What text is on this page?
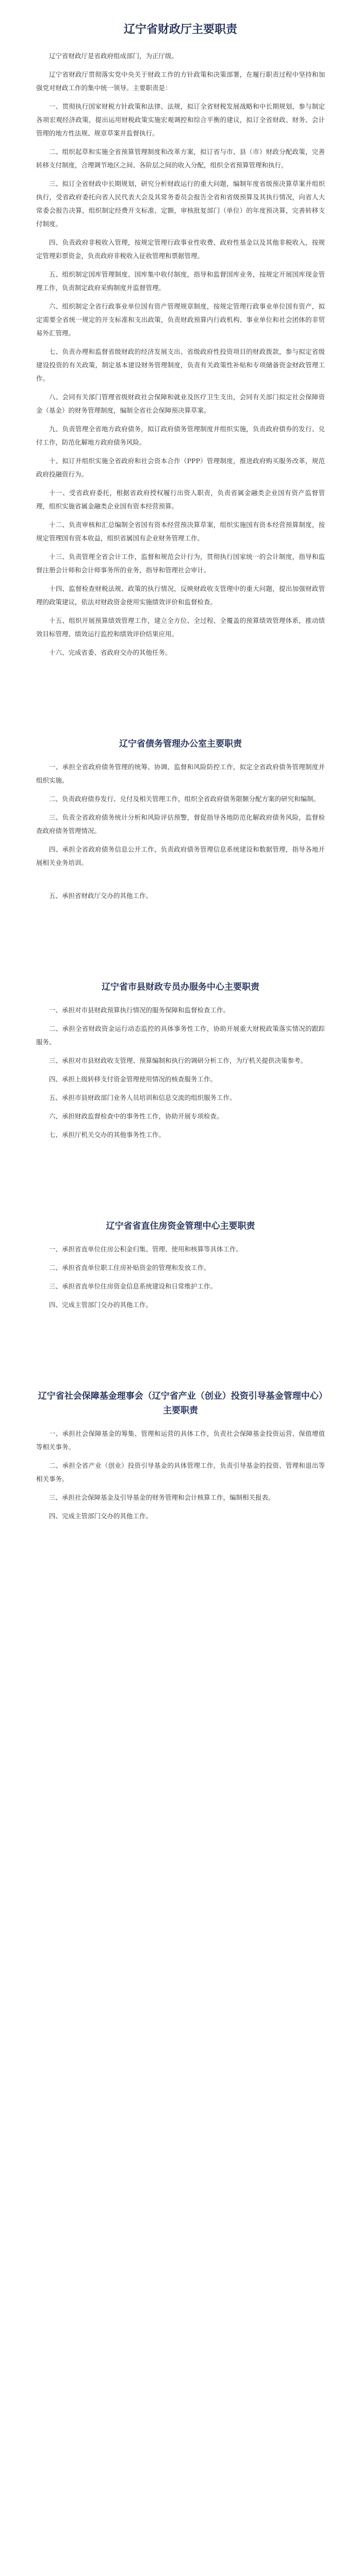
辽宁省财政厅主要职责

辽宁省财政厅是省政府组成部门，为正厅级。

辽宁省财政厅贯彻落实党中央关于财政工作的方针政策和决策部署，在履行职责过程中坚持和加强党对财政工作的集中统一领导。主要职责是：

一、贯彻执行国家财税方针政策和法律、法规，拟订全省财税发展战略和中长期规划，参与制定各项宏观经济政策，提出运用财税政策实施宏观调控和综合平衡的建议，拟订全省财政、财务、会计管理的地方性法规、规章草案并监督执行。

二、组织起草和实施全省预算管理制度和改革方案，拟订省与市、县（市）财政分配政策，完善转移支付制度，合理调节地区之间、各阶层之间的收入分配，组织全省预算管理和执行。

三、拟订全省财政中长期规划，研究分析财政运行的重大问题，编制年度省级预决算草案并组织执行，受省政府委托向省人民代表大会及其常务委员会报告全省和省级预算及其执行情况，向省人大常委会报告决算，组织制定经费开支标准、定额，审核批复部门（单位）的年度预决算，完善转移支付制度。

四、负责政府非税收入管理，按规定管理行政事业性收费、政府性基金以及其他非税收入，按规定管理彩票资金，负责政府非税收入征收管理和票据管理。

五、组织制定国库管理制度、国库集中收付制度，指导和监督国库业务，按规定开展国库现金管理工作，负责制定政府采购制度并监督管理。

六、组织制定全省行政事业单位国有资产管理规章制度，按规定管理行政事业单位国有资产，拟定需要全省统一规定的开支标准和支出政策，负责财政预算内行政机构、事业单位和社会团体的非贸易外汇管理。

七、负责办理和监督省级财政的经济发展支出、省级政府性投资项目的财政拨款，参与拟定省级建设投资的有关政策，制定基本建设财务管理制度，负责有关政策性补贴和专项储备资金财政管理工作。

八、会同有关部门管理省级财政社会保障和就业及医疗卫生支出，会同有关部门拟定社会保障资金（基金）的财务管理制度，编制全省社会保障预决算草案。

九、负责管理全省地方政府债务，拟订政府债务管理制度并组织实施，负责政府债券的发行、兑付工作，防范化解地方政府债务风险。

十、拟订并组织实施全省政府和社会资本合作（PPP）管理制度，推进政府购买服务改革，规范政府投融资行为。

十一、受省政府委托，根据省政府授权履行出资人职责，负责省属金融类企业国有资产监督管理，组织实施省属金融类企业国有资本经营预算。

十二、负责审核和汇总编制全省国有资本经营预决算草案，组织实施国有资本经营预算制度，按规定管理国有资本收益，组织省属国有企业财务管理工作。

十三、负责管理全省会计工作，监督和规范会计行为，贯彻执行国家统一的会计制度，指导和监督注册会计师和会计师事务所的业务，指导和管理社会审计。

十四、监督检查财税法规、政策的执行情况，反映财政收支管理中的重大问题，提出加强财政管理的政策建议，依法对财政资金使用实施绩效评价和监督检查。

十五、组织开展预算绩效管理工作，建立全方位、全过程、全覆盖的预算绩效管理体系，推动绩效目标管理、绩效运行监控和绩效评价结果应用。

十六、完成省委、省政府交办的其他任务。

辽宁省债务管理办公室主要职责

一、承担全省政府债务管理的统筹、协调、监督和风险防控工作，拟定全省政府债务管理制度并组织实施。

二、负责政府债券发行、兑付及相关管理工作，组织全省政府债务限额分配方案的研究和编制。

三、负责全省政府债务统计分析和风险评估预警，督促指导各地防范化解政府债务风险，监督检查政府债务管理情况。

四、承担全省政府债务信息公开工作，负责政府债务管理信息系统建设和数据管理，指导各地开展相关业务培训。

五、承担省财政厅交办的其他工作。

辽宁省市县财政专员办服务中心主要职责

一、承担对市县财政预算执行情况的服务保障和监督检查工作。

二、承担全省财政资金运行动态监控的具体事务性工作，协助开展重大财税政策落实情况的跟踪服务。

三、承担对市县财政收支管理、预算编制和执行的调研分析工作，为厅机关提供决策参考。

四、承担上级转移支付资金管理使用情况的核查服务工作。

五、承担市县财政部门业务人员培训和信息交流的组织服务工作。

六、承担财政监督检查中的事务性工作，协助开展专项检查。

七、承担厅机关交办的其他事务性工作。

辽宁省省直住房资金管理中心主要职责

一、承担省直单位住房公积金归集、管理、使用和核算等具体工作。

二、承担省直单位职工住房补贴资金的管理和发放工作。

三、承担省直单位住房资金信息系统建设和日常维护工作。

四、完成主管部门交办的其他工作。

辽宁省社会保障基金理事会（辽宁省产业（创业）投资引导基金管理中心）主要职责

一、承担社会保障基金的筹集、管理和运营的具体工作，负责社会保障基金投资运营、保值增值等相关事务。

二、承担全省产业（创业）投资引导基金的具体管理工作，负责引导基金的投资、管理和退出等相关事务。

三、承担社会保障基金及引导基金的财务管理和会计核算工作，编制相关报表。

四、完成主管部门交办的其他工作。
